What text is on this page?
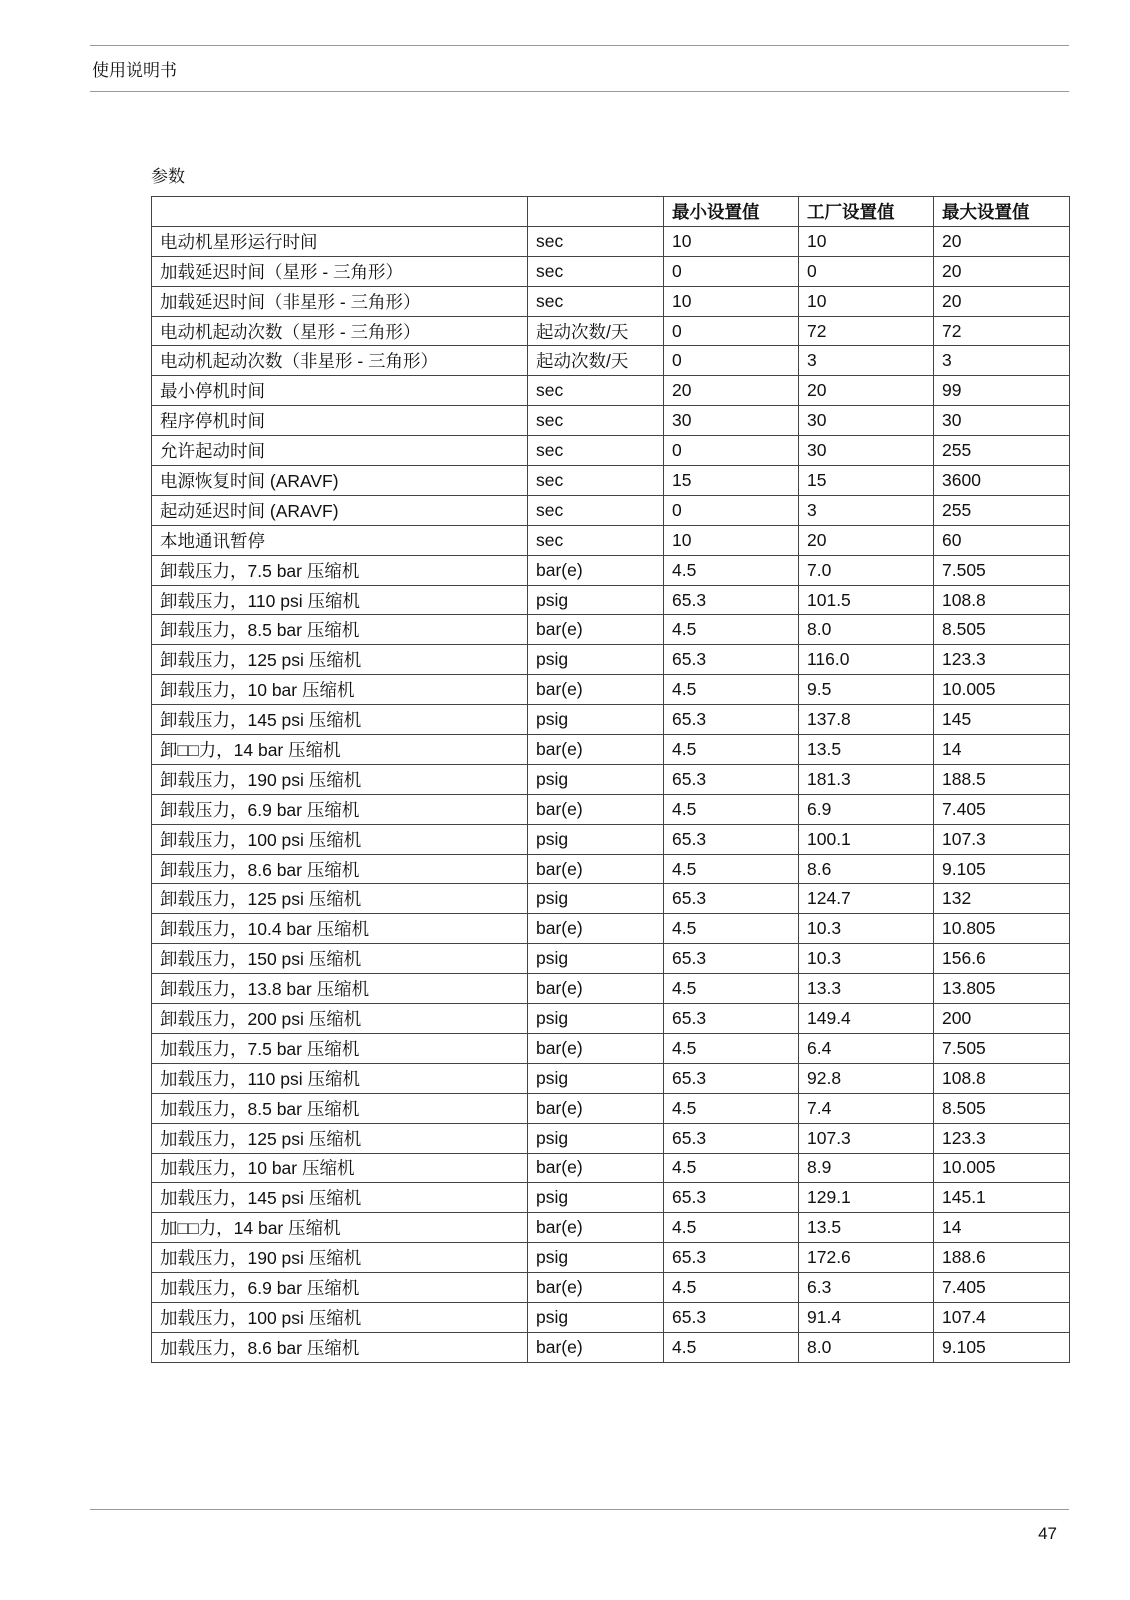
使用说明书
参数
		最小设置值	工厂设置值	最大设置值
电动机星形运行时间	sec	10	10	20
加载延迟时间（星形 - 三角形）	sec	0	0	20
加载延迟时间（非星形 - 三角形）	sec	10	10	20
电动机起动次数（星形 - 三角形）	起动次数/天	0	72	72
电动机起动次数（非星形 - 三角形）	起动次数/天	0	3	3
最小停机时间	sec	20	20	99
程序停机时间	sec	30	30	30
允许起动时间	sec	0	30	255
电源恢复时间 (ARAVF)	sec	15	15	3600
起动延迟时间 (ARAVF)	sec	0	3	255
本地通讯暂停	sec	10	20	60
卸载压力，7.5 bar 压缩机	bar(e)	4.5	7.0	7.505
卸载压力，110 psi 压缩机	psig	65.3	101.5	108.8
卸载压力，8.5 bar 压缩机	bar(e)	4.5	8.0	8.505
卸载压力，125 psi 压缩机	psig	65.3	116.0	123.3
卸载压力，10 bar 压缩机	bar(e)	4.5	9.5	10.005
卸载压力，145 psi 压缩机	psig	65.3	137.8	145
卸□□力，14 bar 压缩机	bar(e)	4.5	13.5	14
卸载压力，190 psi 压缩机	psig	65.3	181.3	188.5
卸载压力，6.9 bar 压缩机	bar(e)	4.5	6.9	7.405
卸载压力，100 psi 压缩机	psig	65.3	100.1	107.3
卸载压力，8.6 bar 压缩机	bar(e)	4.5	8.6	9.105
卸载压力，125 psi 压缩机	psig	65.3	124.7	132
卸载压力，10.4 bar 压缩机	bar(e)	4.5	10.3	10.805
卸载压力，150 psi 压缩机	psig	65.3	10.3	156.6
卸载压力，13.8 bar 压缩机	bar(e)	4.5	13.3	13.805
卸载压力，200 psi 压缩机	psig	65.3	149.4	200
加载压力，7.5 bar 压缩机	bar(e)	4.5	6.4	7.505
加载压力，110 psi 压缩机	psig	65.3	92.8	108.8
加载压力，8.5 bar 压缩机	bar(e)	4.5	7.4	8.505
加载压力，125 psi 压缩机	psig	65.3	107.3	123.3
加载压力，10 bar 压缩机	bar(e)	4.5	8.9	10.005
加载压力，145 psi 压缩机	psig	65.3	129.1	145.1
加□□力，14 bar 压缩机	bar(e)	4.5	13.5	14
加载压力，190 psi 压缩机	psig	65.3	172.6	188.6
加载压力，6.9 bar 压缩机	bar(e)	4.5	6.3	7.405
加载压力，100 psi 压缩机	psig	65.3	91.4	107.4
加载压力，8.6 bar 压缩机	bar(e)	4.5	8.0	9.105
47
